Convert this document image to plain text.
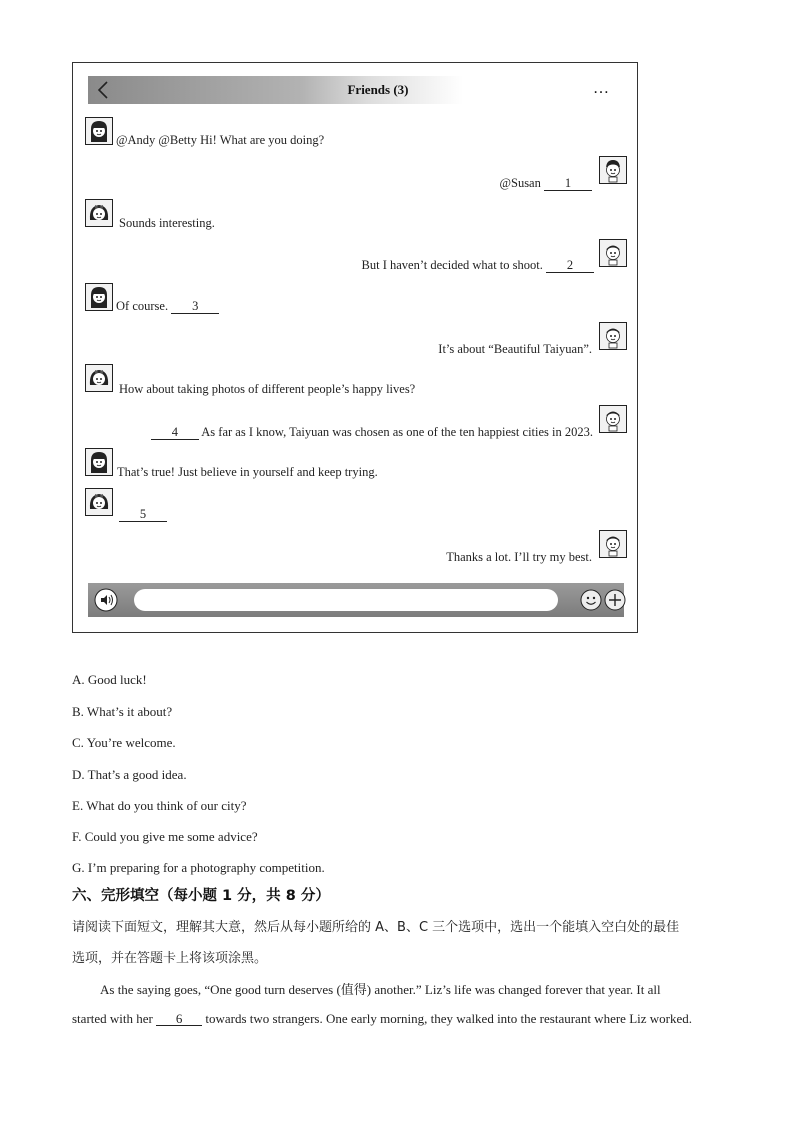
Friends (3)	…
@Andy @Betty Hi! What are you doing?
@Susan 1
Sounds interesting.
But I haven’t decided what to shoot. 2
Of course. 3
It’s about “Beautiful Taiyuan”.
How about taking photos of different people’s happy lives?
4 As far as I know, Taiyuan was chosen as one of the ten happiest cities in 2023.
That’s true! Just believe in yourself and keep trying.
5
Thanks a lot. I’ll try my best.
A. Good luck!
B. What’s it about?
C. You’re welcome.
D. That’s a good idea.
E. What do you think of our city?
F. Could you give me some advice?
G. I’m preparing for a photography competition.
六、完形填空（每小题 1 分，共 8 分）
请阅读下面短文，理解其大意，然后从每小题所给的 A、B、C 三个选项中，选出一个能填入空白处的最佳
选项，并在答题卡上将该项涂黑。
As the saying goes, “One good turn deserves (值得) another.” Liz’s life was changed forever that year. It all
started with her 6 towards two strangers. One early morning, they walked into the restaurant where Liz worked.
